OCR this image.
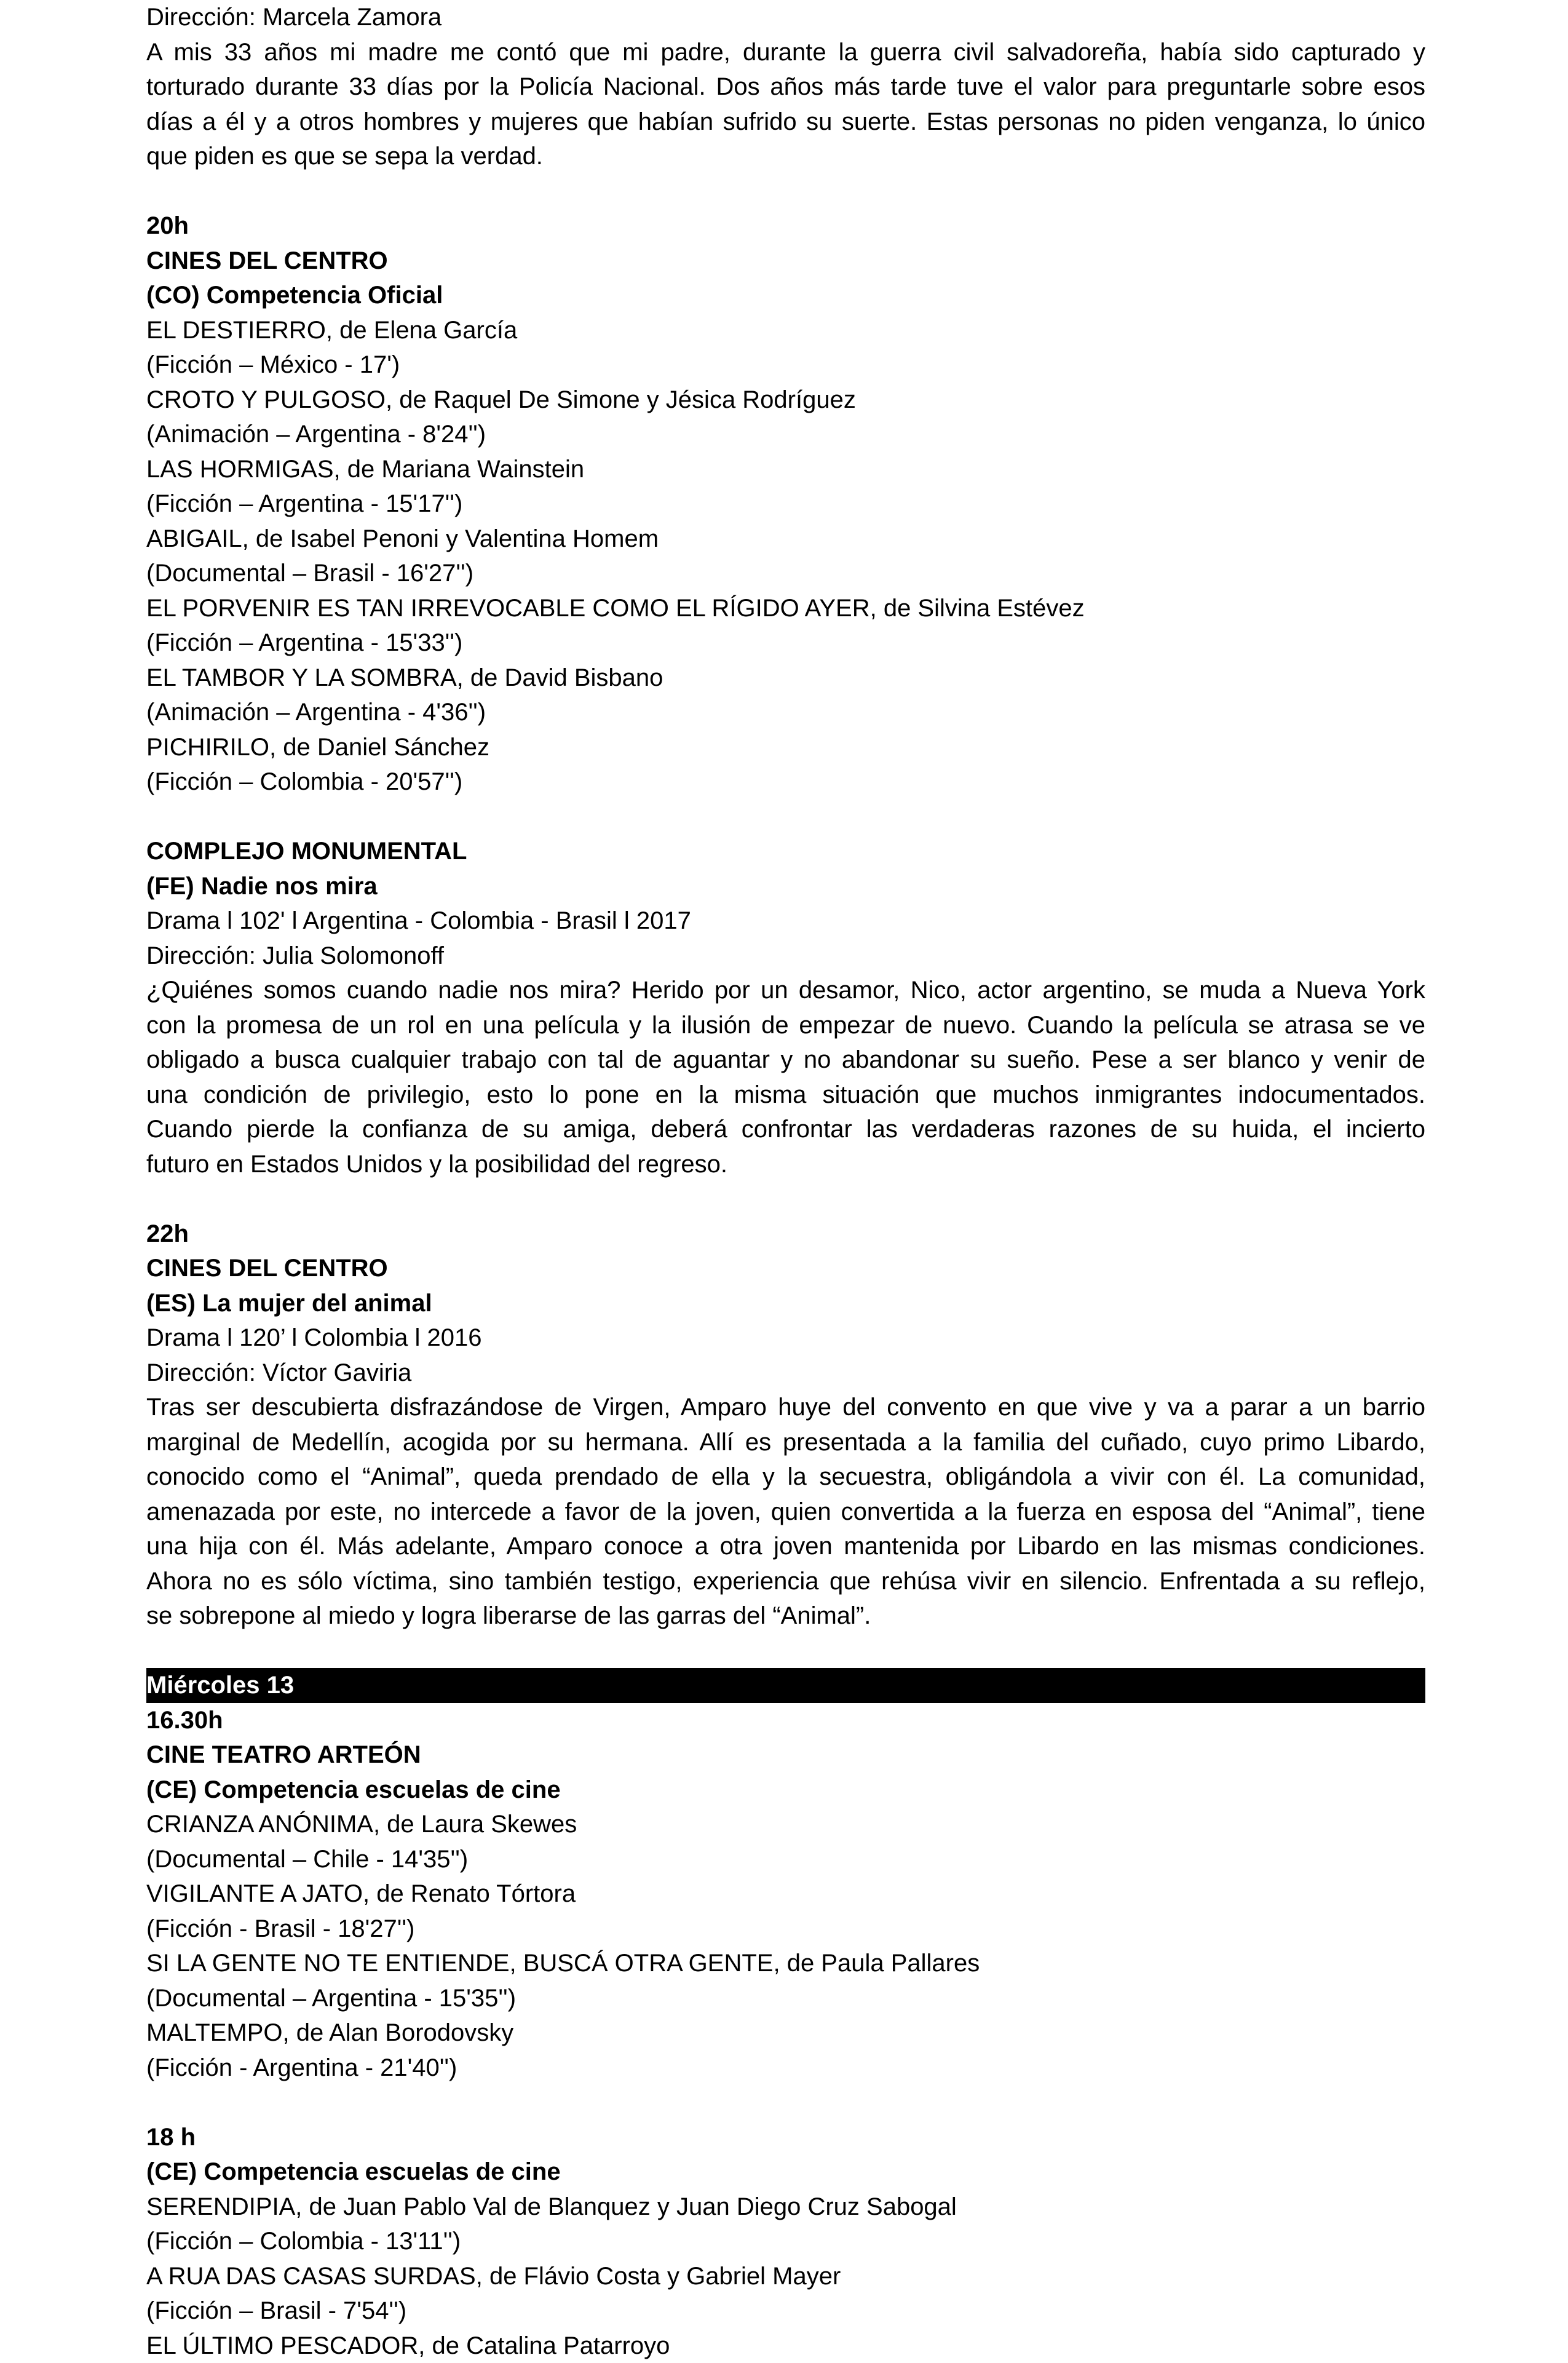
Dirección: Marcela Zamora
A mis 33 años mi madre me contó que mi padre, durante la guerra civil salvadoreña, había sido capturado y
torturado durante 33 días por la Policía Nacional. Dos años más tarde tuve el valor para preguntarle sobre esos
días a él y a otros hombres y mujeres que habían sufrido su suerte. Estas personas no piden venganza, lo único
que piden es que se sepa la verdad.
20h
CINES DEL CENTRO
(CO) Competencia Oficial
EL DESTIERRO, de Elena García
(Ficción – México - 17')
CROTO Y PULGOSO, de Raquel De Simone y Jésica Rodríguez
(Animación – Argentina - 8'24'')
LAS HORMIGAS, de Mariana Wainstein
(Ficción – Argentina - 15'17'')
ABIGAIL, de Isabel Penoni y Valentina Homem
(Documental – Brasil - 16'27'')
EL PORVENIR ES TAN IRREVOCABLE COMO EL RÍGIDO AYER, de Silvina Estévez
(Ficción – Argentina - 15'33'')
EL TAMBOR Y LA SOMBRA, de David Bisbano
(Animación – Argentina - 4'36'')
PICHIRILO, de Daniel Sánchez
(Ficción – Colombia - 20'57'')
COMPLEJO MONUMENTAL
(FE) Nadie nos mira
Drama l 102' l Argentina - Colombia - Brasil l 2017
Dirección: Julia Solomonoff
¿Quiénes somos cuando nadie nos mira? Herido por un desamor, Nico, actor argentino, se muda a Nueva York
con la promesa de un rol en una película y la ilusión de empezar de nuevo. Cuando la película se atrasa se ve
obligado a busca cualquier trabajo con tal de aguantar y no abandonar su sueño. Pese a ser blanco y venir de
una condición de privilegio, esto lo pone en la misma situación que muchos inmigrantes indocumentados.
Cuando pierde la confianza de su amiga, deberá confrontar las verdaderas razones de su huida, el incierto
futuro en Estados Unidos y la posibilidad del regreso.
22h
CINES DEL CENTRO
(ES) La mujer del animal
Drama l 120’ l Colombia l 2016
Dirección: Víctor Gaviria
Tras ser descubierta disfrazándose de Virgen, Amparo huye del convento en que vive y va a parar a un barrio
marginal de Medellín, acogida por su hermana. Allí es presentada a la familia del cuñado, cuyo primo Libardo,
conocido como el “Animal”, queda prendado de ella y la secuestra, obligándola a vivir con él. La comunidad,
amenazada por este, no intercede a favor de la joven, quien convertida a la fuerza en esposa del “Animal”, tiene
una hija con él. Más adelante, Amparo conoce a otra joven mantenida por Libardo en las mismas condiciones.
Ahora no es sólo víctima, sino también testigo, experiencia que rehúsa vivir en silencio. Enfrentada a su reflejo,
se sobrepone al miedo y logra liberarse de las garras del “Animal”.
Miércoles 13
16.30h
CINE TEATRO ARTEÓN
(CE) Competencia escuelas de cine
CRIANZA ANÓNIMA, de Laura Skewes
(Documental – Chile - 14'35'')
VIGILANTE A JATO, de Renato Tórtora
(Ficción - Brasil - 18'27'')
SI LA GENTE NO TE ENTIENDE, BUSCÁ OTRA GENTE, de Paula Pallares
(Documental – Argentina - 15'35'')
MALTEMPO, de Alan Borodovsky
(Ficción - Argentina - 21'40'')
18 h
(CE) Competencia escuelas de cine
SERENDIPIA, de Juan Pablo Val de Blanquez y Juan Diego Cruz Sabogal
(Ficción – Colombia - 13'11'')
A RUA DAS CASAS SURDAS, de Flávio Costa y Gabriel Mayer
(Ficción – Brasil - 7'54'')
EL ÚLTIMO PESCADOR, de Catalina Patarroyo
